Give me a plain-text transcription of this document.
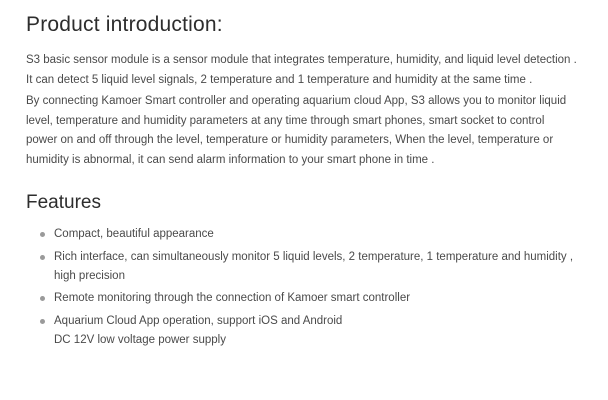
Product introduction:

S3 basic sensor module is a sensor module that integrates temperature, humidity, and liquid level detection . It can detect 5 liquid level signals, 2 temperature and 1 temperature and humidity at the same time .

By connecting Kamoer Smart controller and operating aquarium cloud App, S3 allows you to monitor liquid level, temperature and humidity parameters at any time through smart phones, smart socket to control power on and off through the level, temperature or humidity parameters, When the level, temperature or humidity is abnormal, it can send alarm information to your smart phone in time .

Features
Compact, beautiful appearance
Rich interface, can simultaneously monitor 5 liquid levels, 2 temperature, 1 temperature and humidity , high precision
Remote monitoring through the connection of Kamoer smart controller
Aquarium Cloud App operation, support iOS and Android
DC 12V low voltage power supply
